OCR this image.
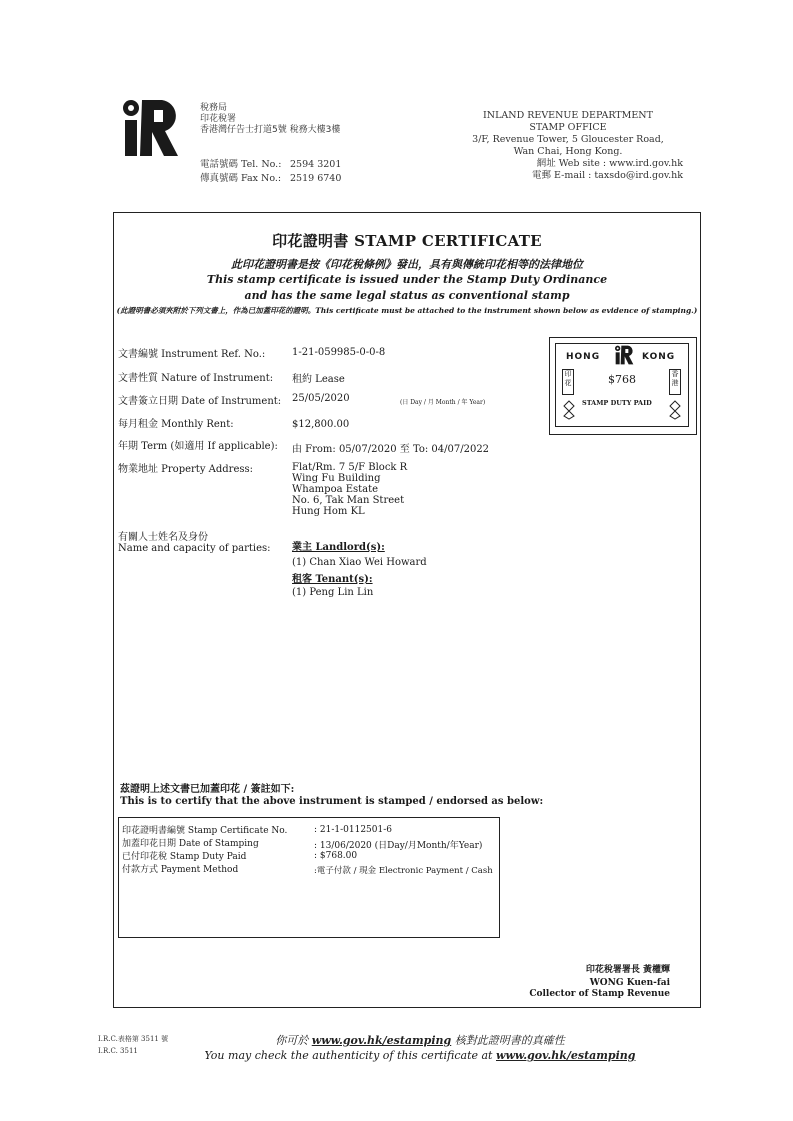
稅務局
印花稅署
香港灣仔告士打道5號 稅務大樓3樓
電話號碼 Tel. No.: 2594 3201
傳真號碼 Fax No.: 2519 6740
INLAND REVENUE DEPARTMENT
STAMP OFFICE
3/F, Revenue Tower, 5 Gloucester Road,
Wan Chai, Hong Kong.
網址 Web site : www.ird.gov.hk
電郵 E-mail : taxsdo@ird.gov.hk
印花證明書 STAMP CERTIFICATE
此印花證明書是按《印花稅條例》發出，具有與傳統印花相等的法律地位
This stamp certificate is issued under the Stamp Duty Ordinance
and has the same legal status as conventional stamp
(此證明書必須夾附於下列文書上，作為已加蓋印花的證明。This certificate must be attached to the instrument shown below as evidence of stamping.)
文書編號 Instrument Ref. No.:	1-21-059985-0-0-8
文書性質 Nature of Instrument: 租約 Lease
文書簽立日期 Date of Instrument: 25/05/2020	(日 Day / 月 Month / 年 Year)
每月租金 Monthly Rent:	$12,800.00
年期 Term (如適用 If applicable): 由 From: 05/07/2020 至 To: 04/07/2022
物業地址 Property Address:	Flat/Rm. 7 5/F Block R
Wing Fu Building
Whampoa Estate
No. 6, Tak Man Street
Hung Hom KL
有關人士姓名及身份
Name and capacity of parties: 業主 Landlord(s):
(1) Chan Xiao Wei Howard
租客 Tenant(s):
(1) Peng Lin Lin
HONG	KONG
印花
香港
$768
STAMP DUTY PAID
茲證明上述文書已加蓋印花 / 簽註如下:
This is to certify that the above instrument is stamped / endorsed as below:
印花證明書編號 Stamp Certificate No.	: 21-1-0112501-6
加蓋印花日期 Date of Stamping	: 13/06/2020 (日Day/月Month/年Year)
已付印花稅 Stamp Duty Paid	: $768.00
付款方式 Payment Method	:電子付款 / 現金 Electronic Payment / Cash
印花稅署署長 黃權輝
WONG Kuen-fai
Collector of Stamp Revenue
I.R.C.表格第 3511 號
I.R.C. 3511
你可於 www.gov.hk/estamping 核對此證明書的真確性
You may check the authenticity of this certificate at www.gov.hk/estamping
